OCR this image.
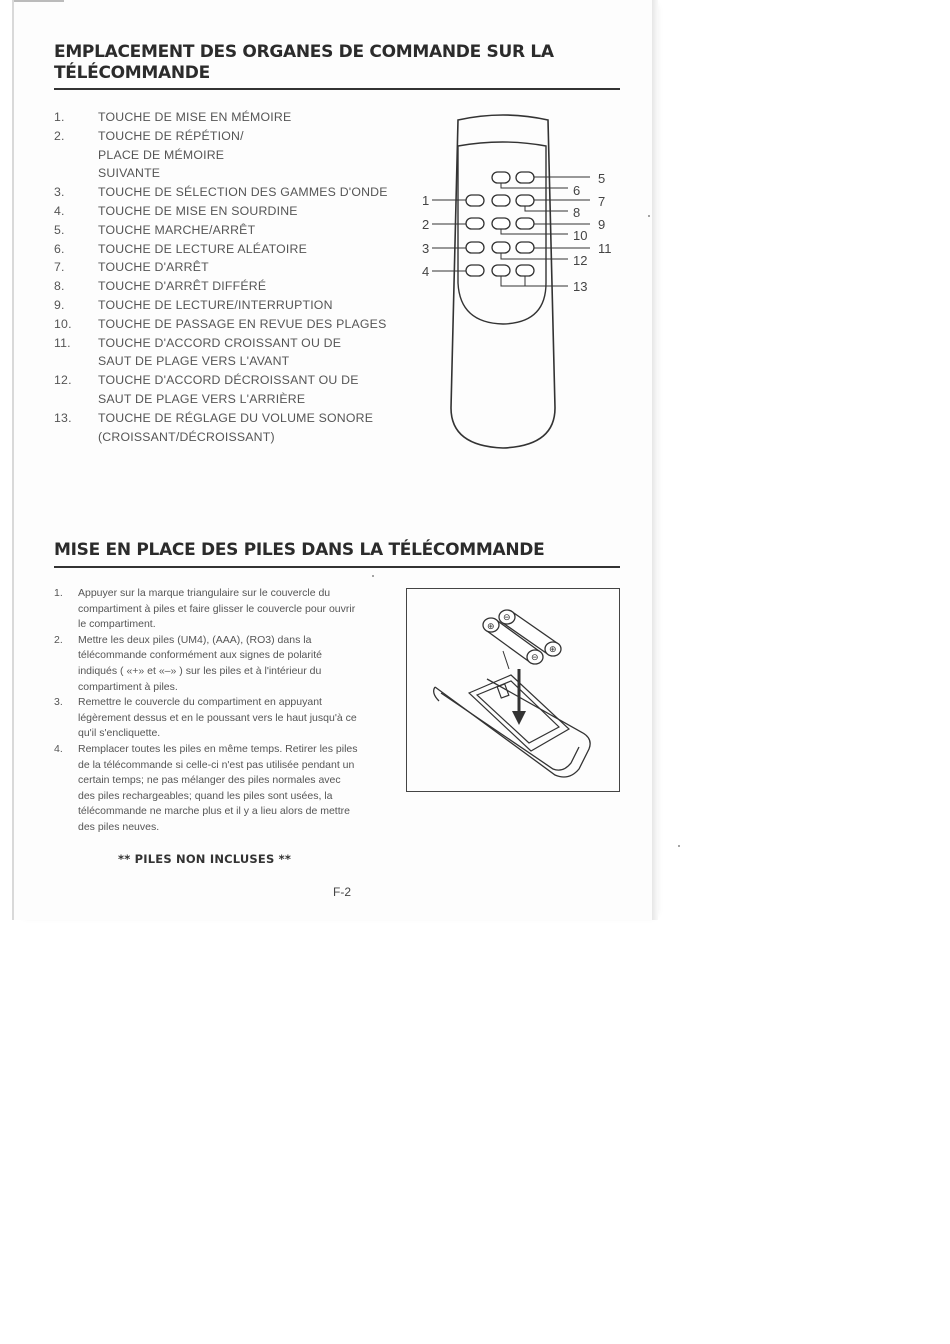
EMPLACEMENT DES ORGANES DE COMMANDE SUR LA TÉLÉCOMMANDE
1.	TOUCHE DE MISE EN MÉMOIRE
2.	TOUCHE DE RÉPÉTION/ PLACE DE MÉMOIRE SUIVANTE
3.	TOUCHE DE SÉLECTION DES GAMMES D'ONDE
4.	TOUCHE DE MISE EN SOURDINE
5.	TOUCHE MARCHE/ARRÊT
6.	TOUCHE DE LECTURE ALÉATOIRE
7.	TOUCHE D'ARRÊT
8.	TOUCHE D'ARRÊT DIFFÉRÉ
9.	TOUCHE DE LECTURE/INTERRUPTION
10.	TOUCHE DE PASSAGE EN REVUE DES PLAGES
11.	TOUCHE D'ACCORD CROISSANT OU DE SAUT DE PLAGE VERS L'AVANT
12.	TOUCHE D'ACCORD DÉCROISSANT OU DE SAUT DE PLAGE VERS L'ARRIÈRE
13.	TOUCHE DE RÉGLAGE DU VOLUME SONORE (CROISSANT/DÉCROISSANT)
1
2
3
4
5
6
7
8
9
10
11
12
13
MISE EN PLACE DES PILES DANS LA TÉLÉCOMMANDE
1.	Appuyer sur la marque triangulaire sur le couvercle du compartiment à piles et faire glisser le couvercle pour ouvrir le compartiment.
2.	Mettre les deux piles (UM4), (AAA), (RO3) dans la télécommande conformément aux signes de polarité indiqués ( «+» et «–» ) sur les piles et à l'intérieur du compartiment à piles.
3.	Remettre le couvercle du compartiment en appuyant légèrement dessus et en le poussant vers le haut jusqu'à ce qu'il s'encliquette.
4.	Remplacer toutes les piles en même temps. Retirer les piles de la télécommande si celle-ci n'est pas utilisée pendant un certain temps; ne pas mélanger des piles normales avec des piles rechargeables; quand les piles sont usées, la télécommande ne marche plus et il y a lieu alors de mettre des piles neuves.
** PILES NON INCLUSES **
⊕
⊖
⊖
⊕
F-2
